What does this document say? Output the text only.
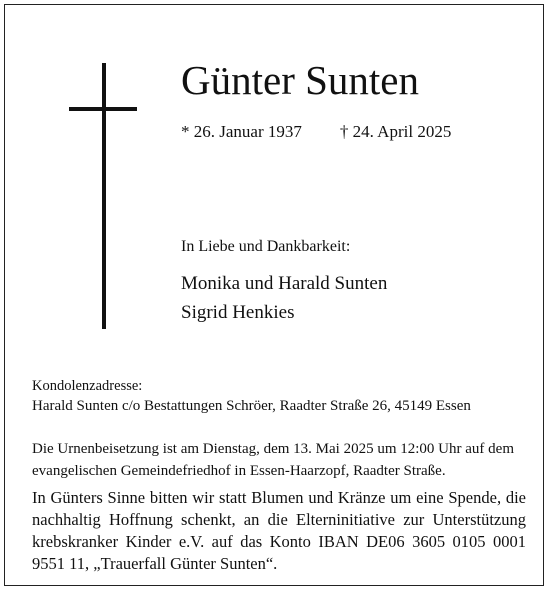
Günter Sunten
* 26. Januar 1937 † 24. April 2025
In Liebe und Dankbarkeit:
Monika und Harald Sunten
Sigrid Henkies
Kondolenzadresse:
Harald Sunten c/o Bestattungen Schröer, Raadter Straße 26, 45149 Essen
Die Urnenbeisetzung ist am Dienstag, dem 13. Mai 2025 um 12:00 Uhr auf dem evangelischen Gemeindefriedhof in Essen-Haarzopf, Raadter Straße.
In Günters Sinne bitten wir statt Blumen und Kränze um eine Spende, die nachhaltig Hoffnung schenkt, an die Elterninitiative zur Unterstützung krebskranker Kinder e.V. auf das Konto IBAN DE06 3605 0105 0001 9551 11, „Trauerfall Günter Sunten“.
